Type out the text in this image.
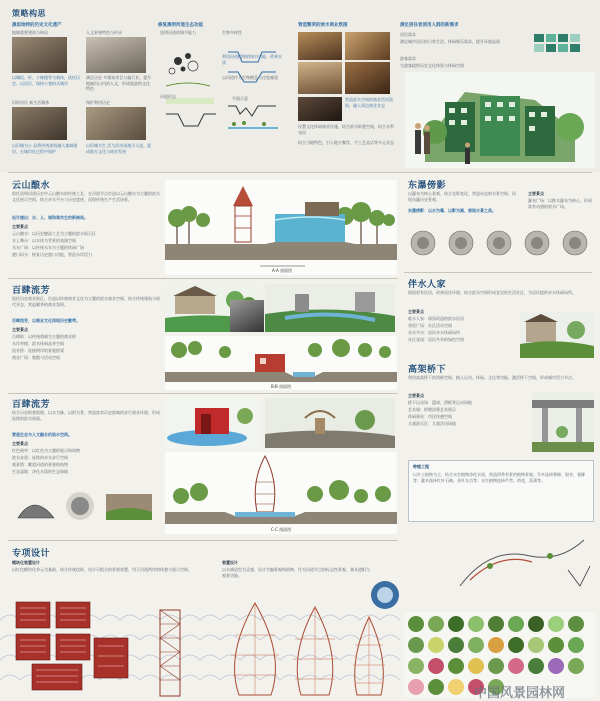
策略构思
黑垣地特的历史文化遗产
地域重要建筑与格局	人文景观特色与传承
以城垣、杯、小秘楼等为载体，依托历史，以居民，保持小巷格式城市
满足历史 多建筑项目与偏行业，提升地域归口内的人文，形成旅游的文化特色
旧时居民 新生活载体	保护利用历史
以旧城为小 品将传统建筑融入地域建设，在城市化过程中保护
以旧城为生 活与活动场地引人流，促成地方文化与商业发展
修复黑明河道生态功能
黑明河道的调节能力	生物多样性
利用河道植物的调节功能，改善水质
以河道作为生物栖息与迁徙廊道
河道形态	平面示意
营造繁荣的滨水商业氛围
营造滨水空间的商业活动氛围，融入周边商业业态
设置文化休闲商业设施，结合滨水街巷空间，结合水系布局
结合当地特色，引入地方餐饮、手工艺品店等多元业态
满足居住者使用人群的新需求
居民需求
满足城市居民的日常生活、休闲娱乐需求，提升环境品质
游客需求
为游客提供历史文化体验与休闲空间
云山酿水
依托黑明河道历史中云山酿水的传统工艺，在河道节点打造以云山酿水为主题的滨水文化展示空间，结合亲水平台与历史遗迹，再现传统生产生活场景。
设计提出：水、人、城和谐共生的新格局。
主要景点
云山酿水：以历史酿造工艺为主题的滨水展示区
水上舞台：以水体为背景的表演空间
水车广场：以传统水车为主题的休闲广场
渡口码头：恢复历史渡口功能，营造水岸活力
A-A 剖面图
百肆流芳
依托历史商业街区，打造以传统商业文化为主题的滨水商业空间，结合传统建筑与现代业态，营造繁华的商业氛围。
百肆流芳，以商业文化再现历史繁荣。
主要景点
百肆街：以传统商铺为主题的商业街
水岸茶楼：滨水休闲品茶空间
流芳桥：连接两岸的景观桥梁
商业广场：集散与活动空间
B-B 剖面图
百肆流芳
结合历史街巷肌理，以水为脉、以街为骨，营造富有历史韵味的步行商业环境，形成连续的滨水界面。
营造生态与人文融合的滨水空间。
主要景点
红色展亭：以红色为主题的展示构筑物
滨水步道：连续的亲水步行空间
观景塔：眺望河道的景观构筑物
生态湿地：净化水质的生态绿地
C-C 剖面图
东瀑傍影
以瀑布为核心景观，结合光影变化，营造动态的水景空间，再现东瀑历史景观。
东瀑傍影：以水为幕、以影为画，展现水景之美。
主要景点
瀑布广场：以跌水瀑布为核心，形成富有动感的滨水广场。
伴水人家
保留原有民居，改善居住环境，结合滨水空间形成宜居的生活社区，为居民提供亲水休闲场所。
主要景点
临水人家：保留改造的滨水民居
邻里广场：社区活动空间
亲水平台：居民亲水休闲场所
社区花园：居民共享的绿色空间
高架桥下
利用高架桥下的消极空间，植入运动、休闲、文化等功能，激活桥下空间，形成城市活力节点。
主要景点
桥下运动场：篮球、滑板等运动场地
艺术墙：桥墩涂鸦艺术展示
休闲驿站：市民休憩空间
儿童游乐区：儿童活动场地
种植工程
以乡土植物为主，结合水生植物净化水质，营造四季有景的植物景观。乔木选择香樟、银杏、垂柳等；灌木选择红叶石楠、金叶女贞等；水生植物选择芦苇、荷花、菖蒲等。
专项设计
模块化装置设计
以红色模块化单元为基础，结合传统纹样，设计可组合的景观装置，用于河道两岸的休憩与展示空间。
装置设计
以水滴造型为灵感，设计竹编景观构筑物，作为河道节点的标志性景观，兼具遮阳与观景功能。
中国风景园林网
